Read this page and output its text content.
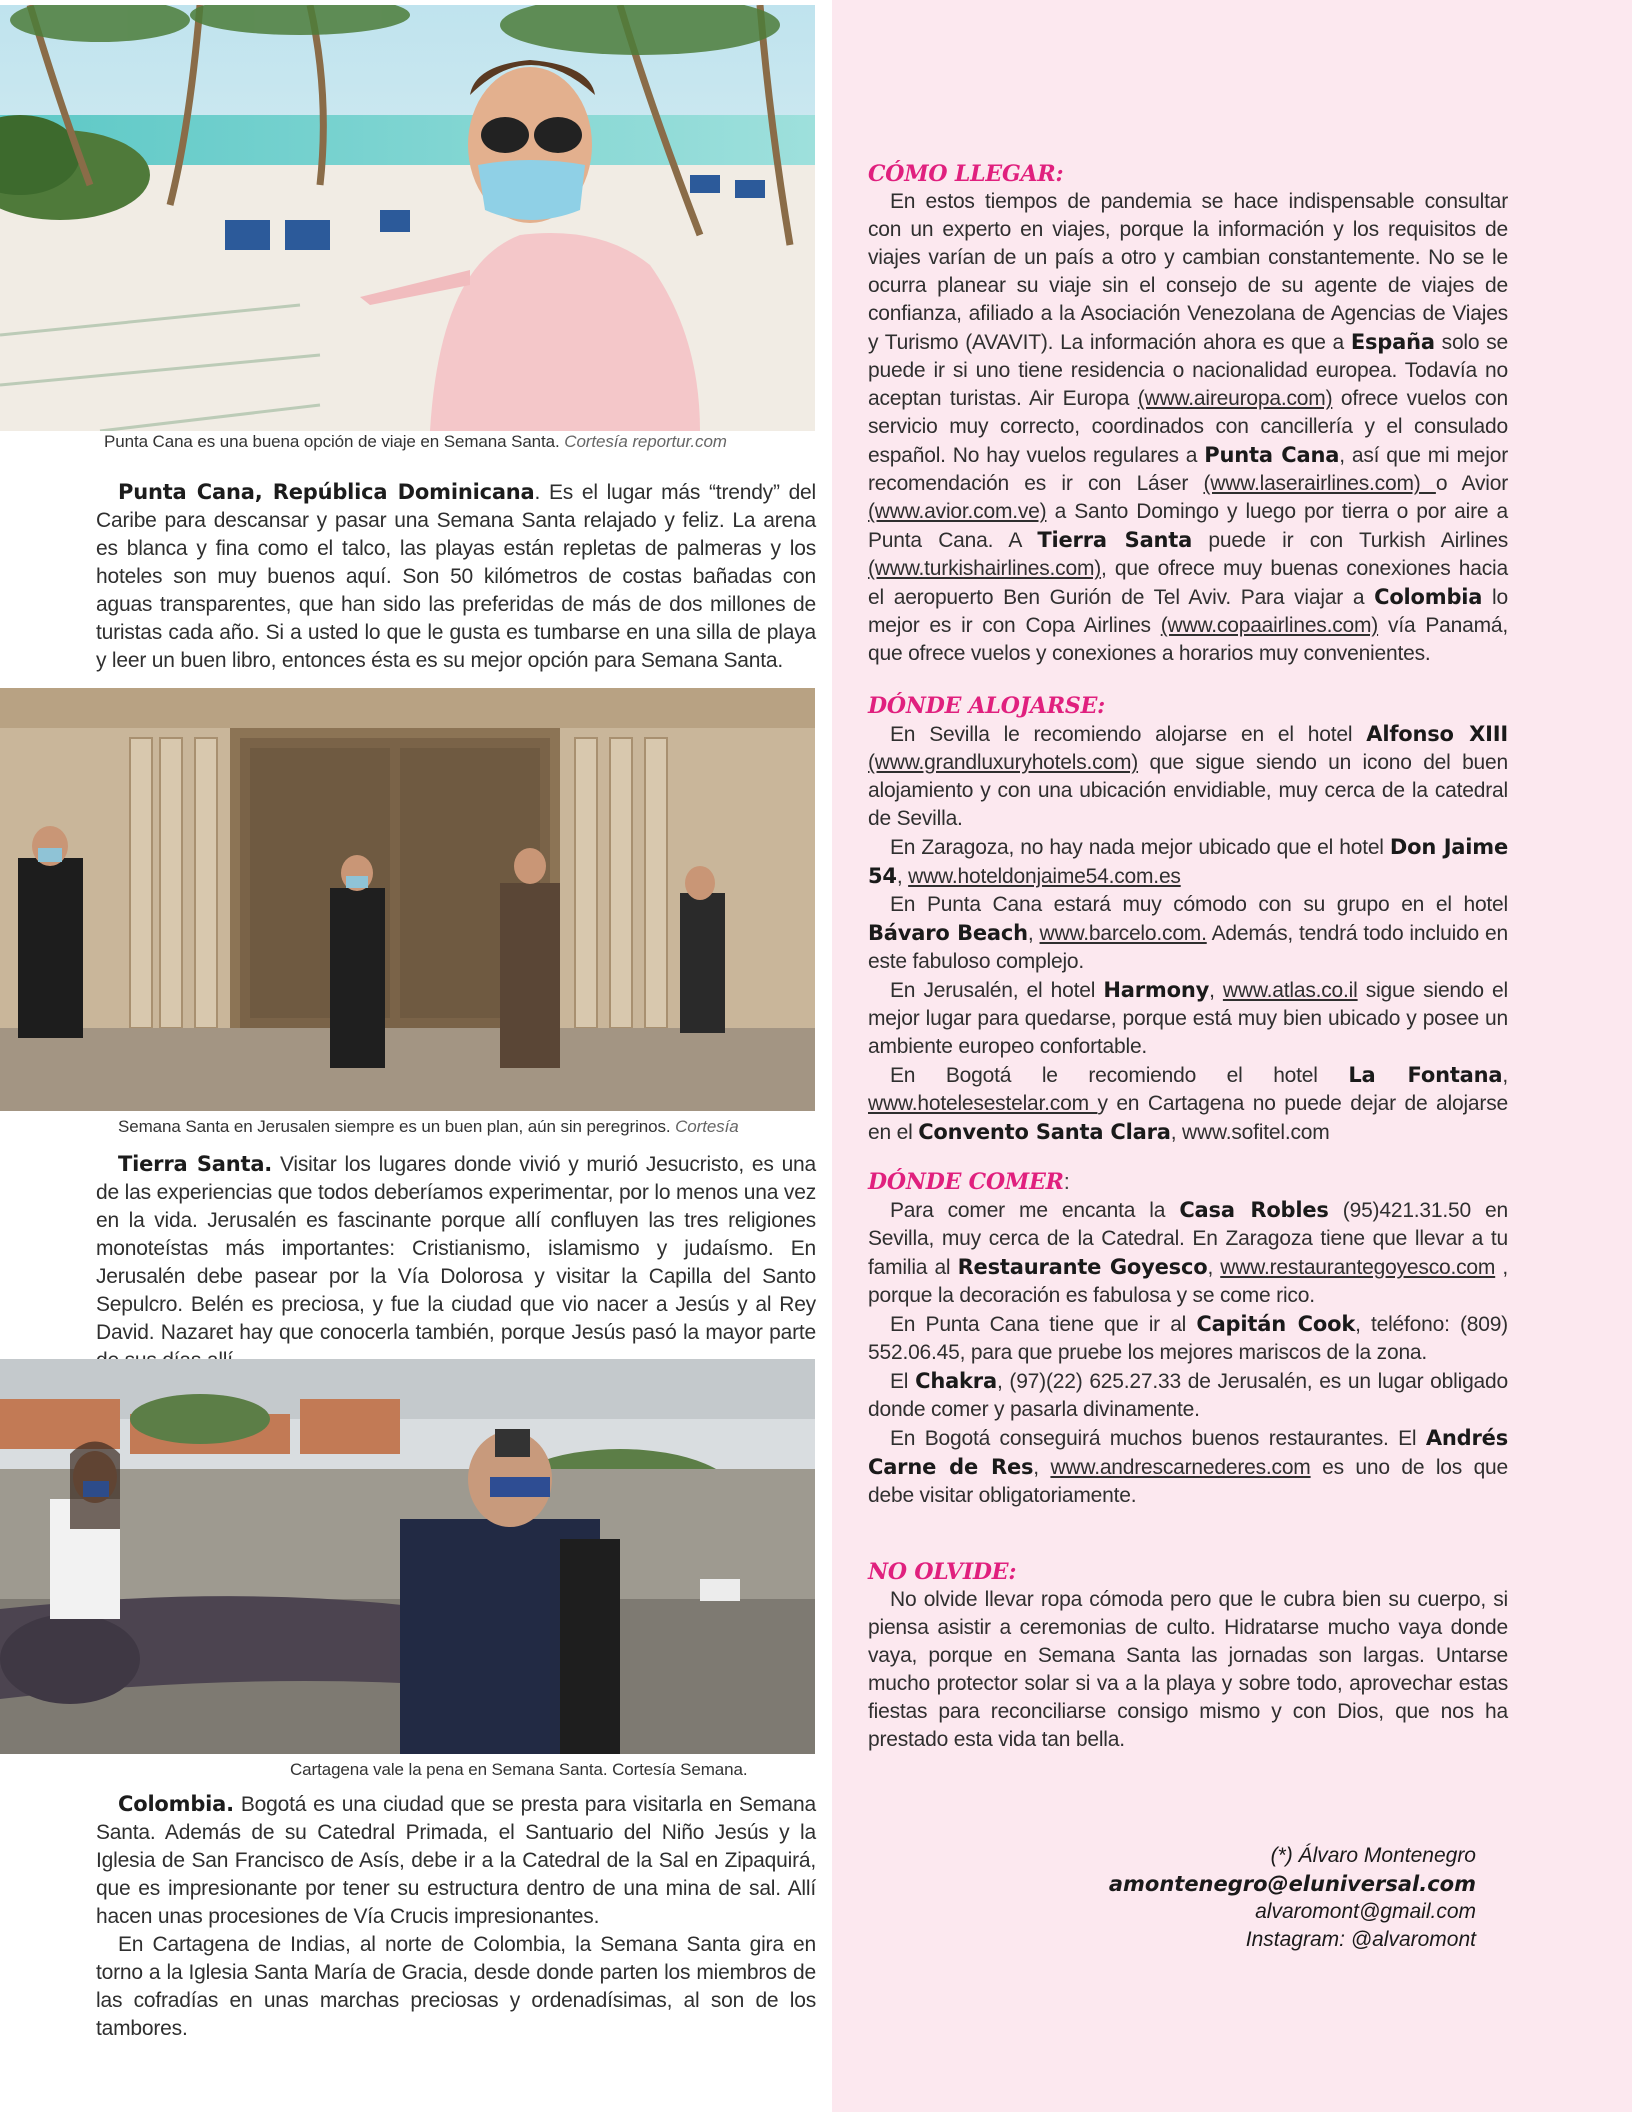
Punta Cana es una buena opción de viaje en Semana Santa. Cortesía reportur.com

Punta Cana, República Dominicana. Es el lugar más “trendy” del Caribe para descansar y pasar una Semana Santa relajado y feliz. La arena es blanca y fina como el talco, las playas están repletas de palmeras y los hoteles son muy buenos aquí. Son 50 kilómetros de costas bañadas con aguas transparentes, que han sido las preferidas de más de dos millones de turistas cada año. Si a usted lo que le gusta es tumbarse en una silla de playa y leer un buen libro, entonces ésta es su mejor opción para Semana Santa.

Semana Santa en Jerusalen siempre es un buen plan, aún sin peregrinos. Cortesía

Tierra Santa. Visitar los lugares donde vivió y murió Jesucristo, es una de las experiencias que todos deberíamos experimentar, por lo menos una vez en la vida. Jerusalén es fascinante porque allí confluyen las tres religiones monoteístas más importantes: Cristianismo, islamismo y judaísmo. En Jerusalén debe pasear por la Vía Dolorosa y visitar la Capilla del Santo Sepulcro. Belén es preciosa, y fue la ciudad que vio nacer a Jesús y al Rey David. Nazaret hay que conocerla también, porque Jesús pasó la mayor parte

Cartagena vale la pena en Semana Santa. Cortesía Semana.

Colombia. Bogotá es una ciudad que se presta para visitarla en Semana Santa. Además de su Catedral Primada, el Santuario del Niño Jesús y la Iglesia de San Francisco de Asís, debe ir a la Catedral de la Sal en Zipaquirá, que es impresionante por tener su estructura dentro de una mina de sal. Allí hacen unas procesiones de Vía Crucis impresionantes.

En Cartagena de Indias, al norte de Colombia, la Semana Santa gira en torno a la Iglesia Santa María de Gracia, desde donde parten los miembros de las cofradías en unas marchas preciosas y ordenadísimas, al son de los tambores.

CÓMO LLEGAR:

En estos tiempos de pandemia se hace indispensable consultar con un experto en viajes, porque la información y los requisitos de viajes varían de un país a otro y cambian constantemente. No se le ocurra planear su viaje sin el consejo de su agente de viajes de confianza, afiliado a la Asociación Venezolana de Agencias de Viajes y Turismo (AVAVIT). La información ahora es que a España solo se puede ir si uno tiene residencia o nacionalidad europea. Todavía no aceptan turistas. Air Europa (www.aireuropa.com) ofrece vuelos con servicio muy correcto, coordinados con cancillería y el consulado español. No hay vuelos regulares a Punta Cana, así que mi mejor recomendación es ir con Láser (www.laserairlines.com) o Avior (www.avior.com.ve) a Santo Domingo y luego por tierra o por aire a Punta Cana. A Tierra Santa puede ir con Turkish Airlines (www.turkishairlines.com), que ofrece muy buenas conexiones hacia el aeropuerto Ben Gurión de Tel Aviv. Para viajar a Colombia lo mejor es ir con Copa Airlines (www.copaairlines.com) vía Panamá, que ofrece vuelos y conexiones a horarios muy convenientes.

DÓNDE ALOJARSE:

En Sevilla le recomiendo alojarse en el hotel Alfonso XIII (www.grandluxuryhotels.com) que sigue siendo un icono del buen alojamiento y con una ubicación envidiable, muy cerca de la catedral de Sevilla.

En Zaragoza, no hay nada mejor ubicado que el hotel Don Jaime 54, www.hoteldonjaime54.com.es

En Punta Cana estará muy cómodo con su grupo en el hotel Bávaro Beach, www.barcelo.com. Además, tendrá todo incluido en este fabuloso complejo.

En Jerusalén, el hotel Harmony, www.atlas.co.il sigue siendo el mejor lugar para quedarse, porque está muy bien ubicado y posee un ambiente europeo confortable.

En Bogotá le recomiendo el hotel La Fontana, www.hotelesestelar.com y en Cartagena no puede dejar de alojarse en el Convento Santa Clara, www.sofitel.com

DÓNDE COMER:

Para comer me encanta la Casa Robles (95)421.31.50 en Sevilla, muy cerca de la Catedral. En Zaragoza tiene que llevar a tu familia al Restaurante Goyesco, www.restaurantegoyesco.com , porque la decoración es fabulosa y se come rico.

En Punta Cana tiene que ir al Capitán Cook, teléfono: (809) 552.06.45, para que pruebe los mejores mariscos de la zona.

El Chakra, (97)(22) 625.27.33 de Jerusalén, es un lugar obligado donde comer y pasarla divinamente.

En Bogotá conseguirá muchos buenos restaurantes. El Andrés Carne de Res, www.andrescarnederes.com es uno de los que debe visitar obligatoriamente.

NO OLVIDE:

No olvide llevar ropa cómoda pero que le cubra bien su cuerpo, si piensa asistir a ceremonias de culto. Hidratarse mucho vaya donde vaya, porque en Semana Santa las jornadas son largas. Untarse mucho protector solar si va a la playa y sobre todo, aprovechar estas fiestas para reconciliarse consigo mismo y con Dios, que nos ha prestado esta vida tan bella.

(*) Álvaro Montenegro
amontenegro@eluniversal.com
alvaromont@gmail.com
Instagram: @alvaromont
